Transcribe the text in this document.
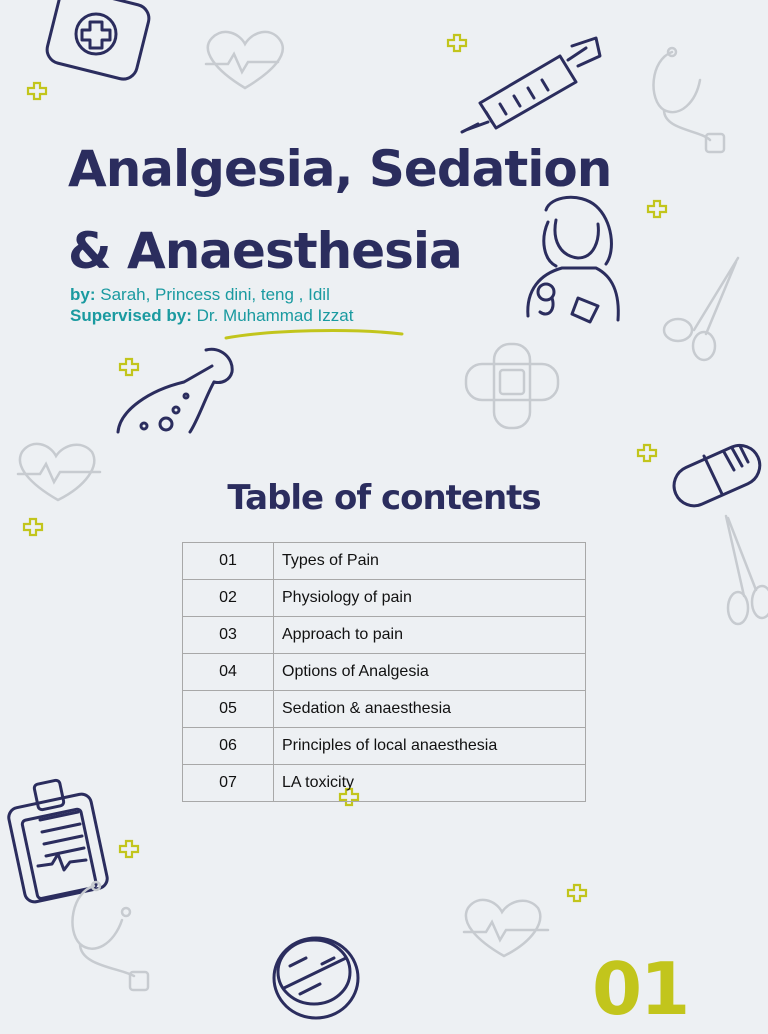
Analgesia, Sedation
& Anaesthesia
by: Sarah, Princess dini, teng , Idil
Supervised by: Dr. Muhammad Izzat
Table of contents
01	Types of Pain
02	Physiology of pain
03	Approach to pain
04	Options of Analgesia
05	Sedation & anaesthesia
06	Principles of local anaesthesia
07	LA toxicity
01
